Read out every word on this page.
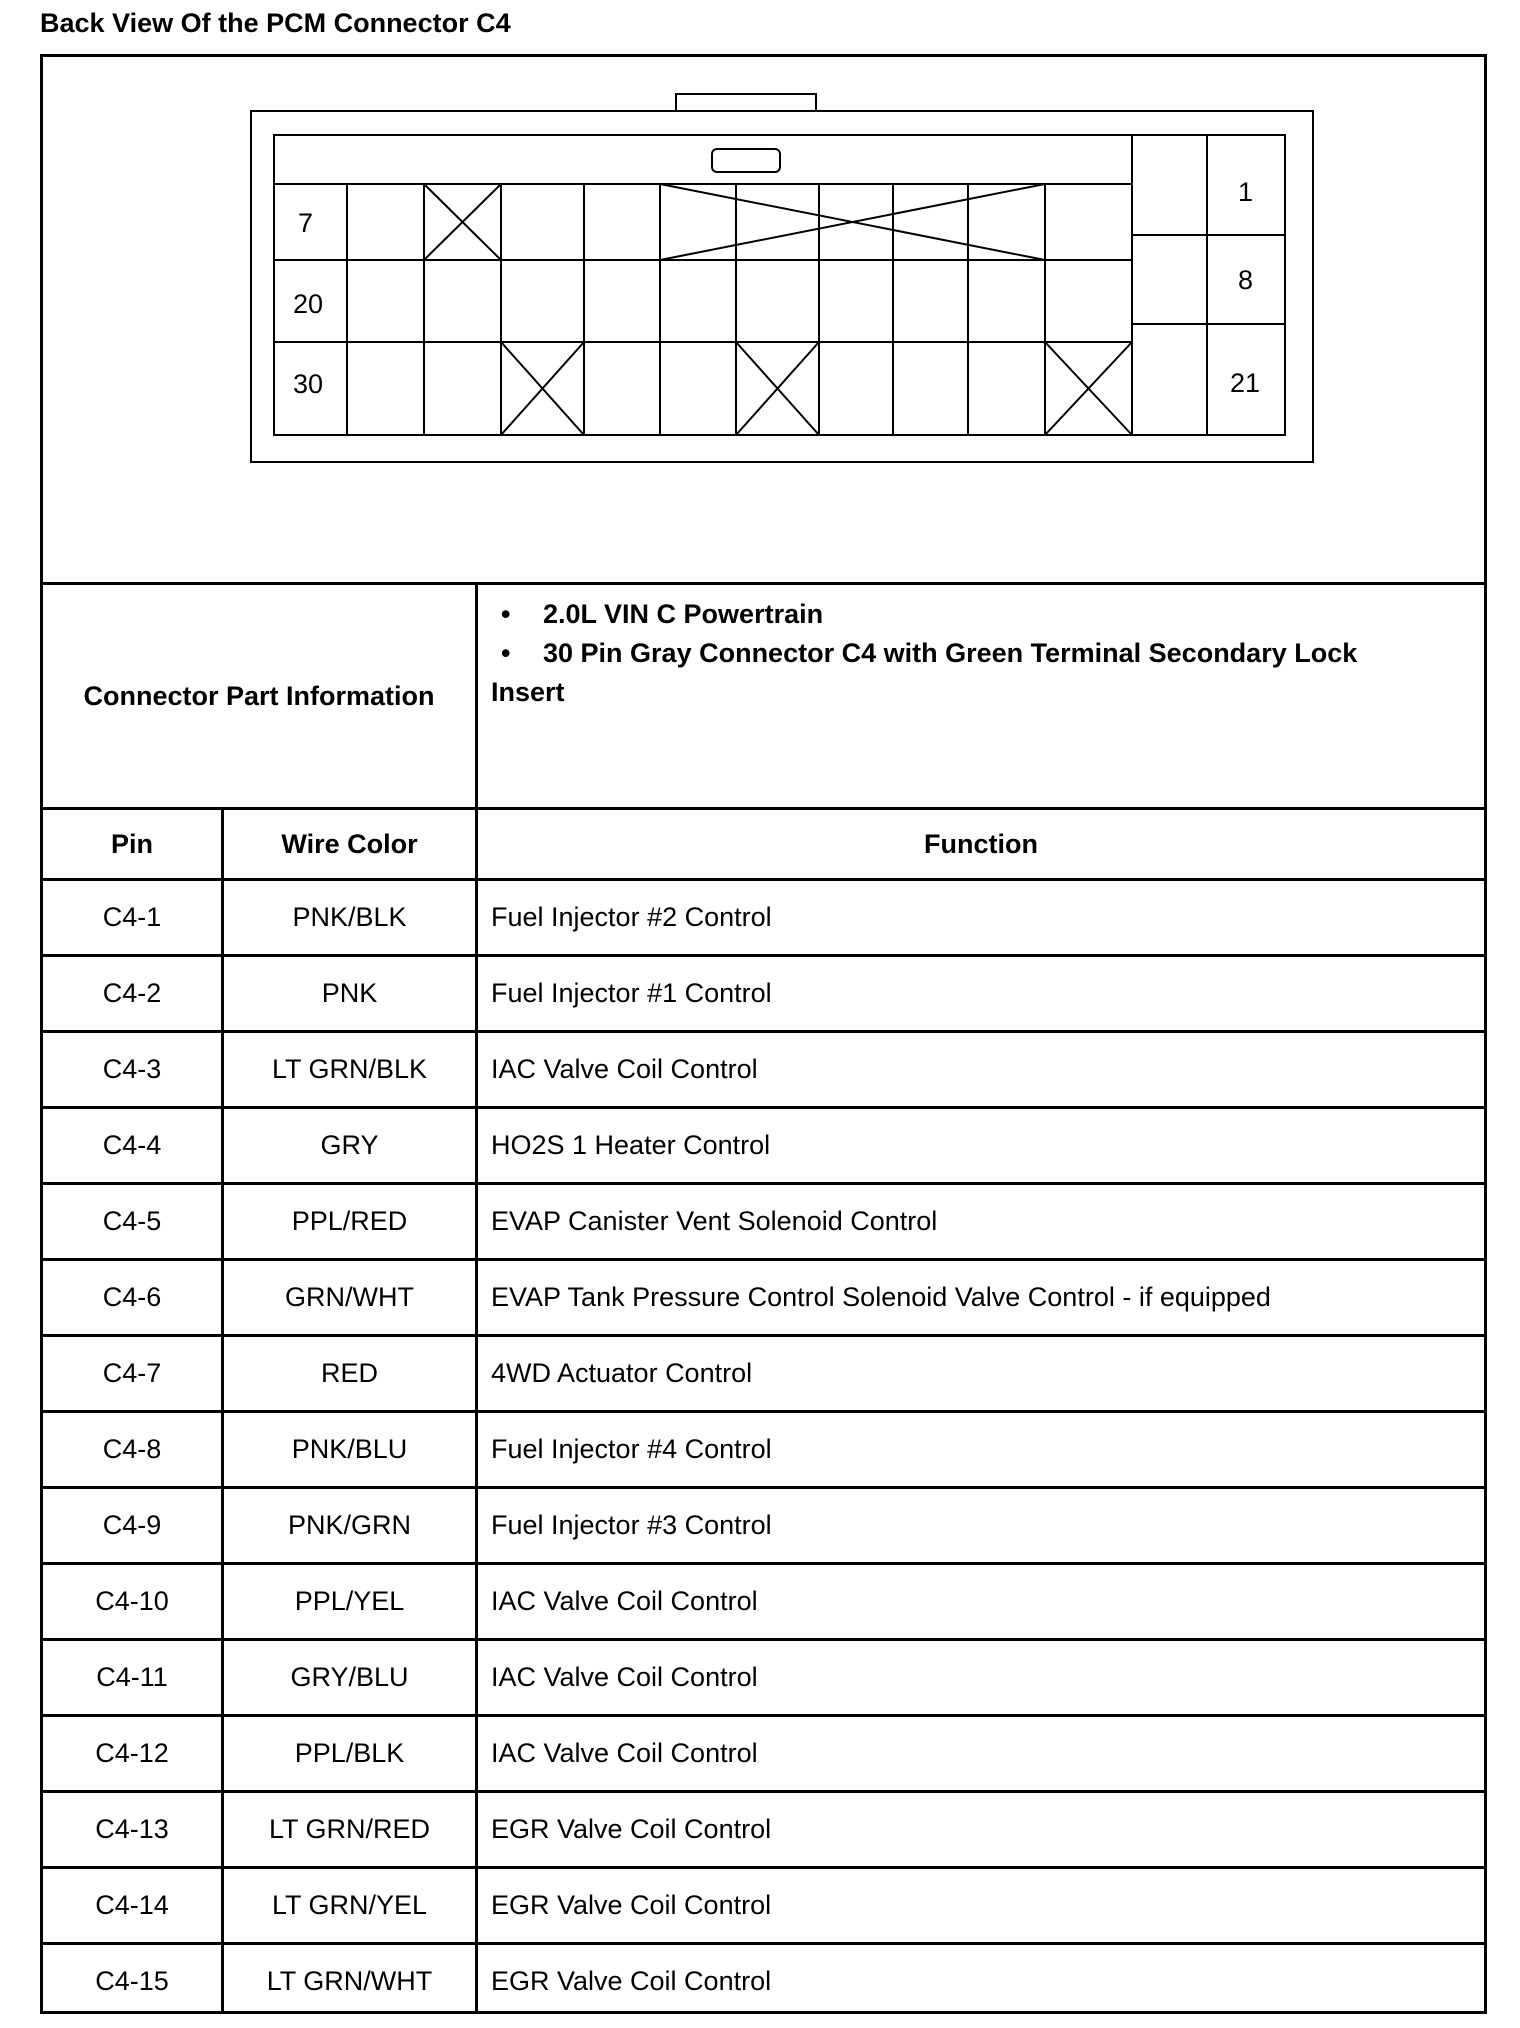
Back View Of the PCM Connector C4
7
20
30
1
8
21
Connector Part Information
•	2.0L VIN C Powertrain
•	30 Pin Gray Connector C4 with Green Terminal Secondary Lock
Insert
Pin	Wire Color	Function
C4-1	PNK/BLK	Fuel Injector #2 Control
C4-2	PNK	Fuel Injector #1 Control
C4-3	LT GRN/BLK	IAC Valve Coil Control
C4-4	GRY	HO2S 1 Heater Control
C4-5	PPL/RED	EVAP Canister Vent Solenoid Control
C4-6	GRN/WHT	EVAP Tank Pressure Control Solenoid Valve Control - if equipped
C4-7	RED	4WD Actuator Control
C4-8	PNK/BLU	Fuel Injector #4 Control
C4-9	PNK/GRN	Fuel Injector #3 Control
C4-10	PPL/YEL	IAC Valve Coil Control
C4-11	GRY/BLU	IAC Valve Coil Control
C4-12	PPL/BLK	IAC Valve Coil Control
C4-13	LT GRN/RED	EGR Valve Coil Control
C4-14	LT GRN/YEL	EGR Valve Coil Control
C4-15	LT GRN/WHT	EGR Valve Coil Control
